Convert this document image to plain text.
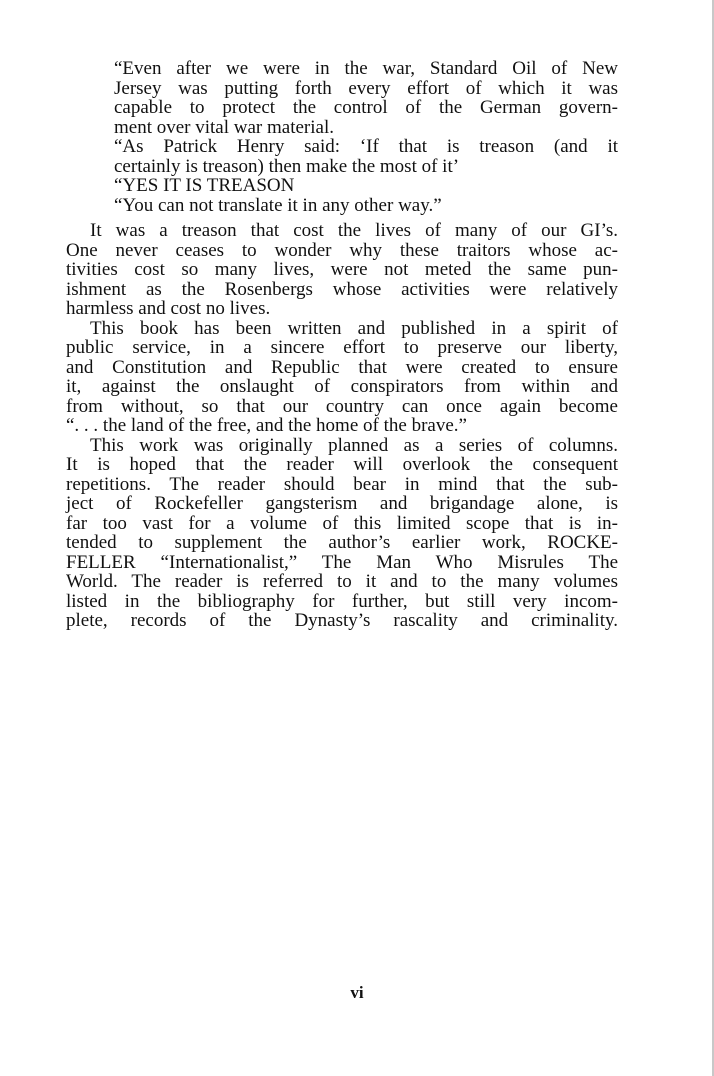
“Even after we were in the war, Standard Oil of New
Jersey was putting forth every effort of which it was
capable to protect the control of the German govern-
ment over vital war material.
“As Patrick Henry said: ‘If that is treason (and it
certainly is treason) then make the most of it’
“YES IT IS TREASON
“You can not translate it in any other way.”
It was a treason that cost the lives of many of our GI’s.
One never ceases to wonder why these traitors whose ac-
tivities cost so many lives, were not meted the same pun-
ishment as the Rosenbergs whose activities were relatively
harmless and cost no lives.
This book has been written and published in a spirit of
public service, in a sincere effort to preserve our liberty,
and Constitution and Republic that were created to ensure
it, against the onslaught of conspirators from within and
from without, so that our country can once again become
“. . . the land of the free, and the home of the brave.”
This work was originally planned as a series of columns.
It is hoped that the reader will overlook the consequent
repetitions. The reader should bear in mind that the sub-
ject of Rockefeller gangsterism and brigandage alone, is
far too vast for a volume of this limited scope that is in-
tended to supplement the author’s earlier work, ROCKE-
FELLER “Internationalist,” The Man Who Misrules The
World. The reader is referred to it and to the many volumes
listed in the bibliography for further, but still very incom-
plete, records of the Dynasty’s rascality and criminality.
vi
